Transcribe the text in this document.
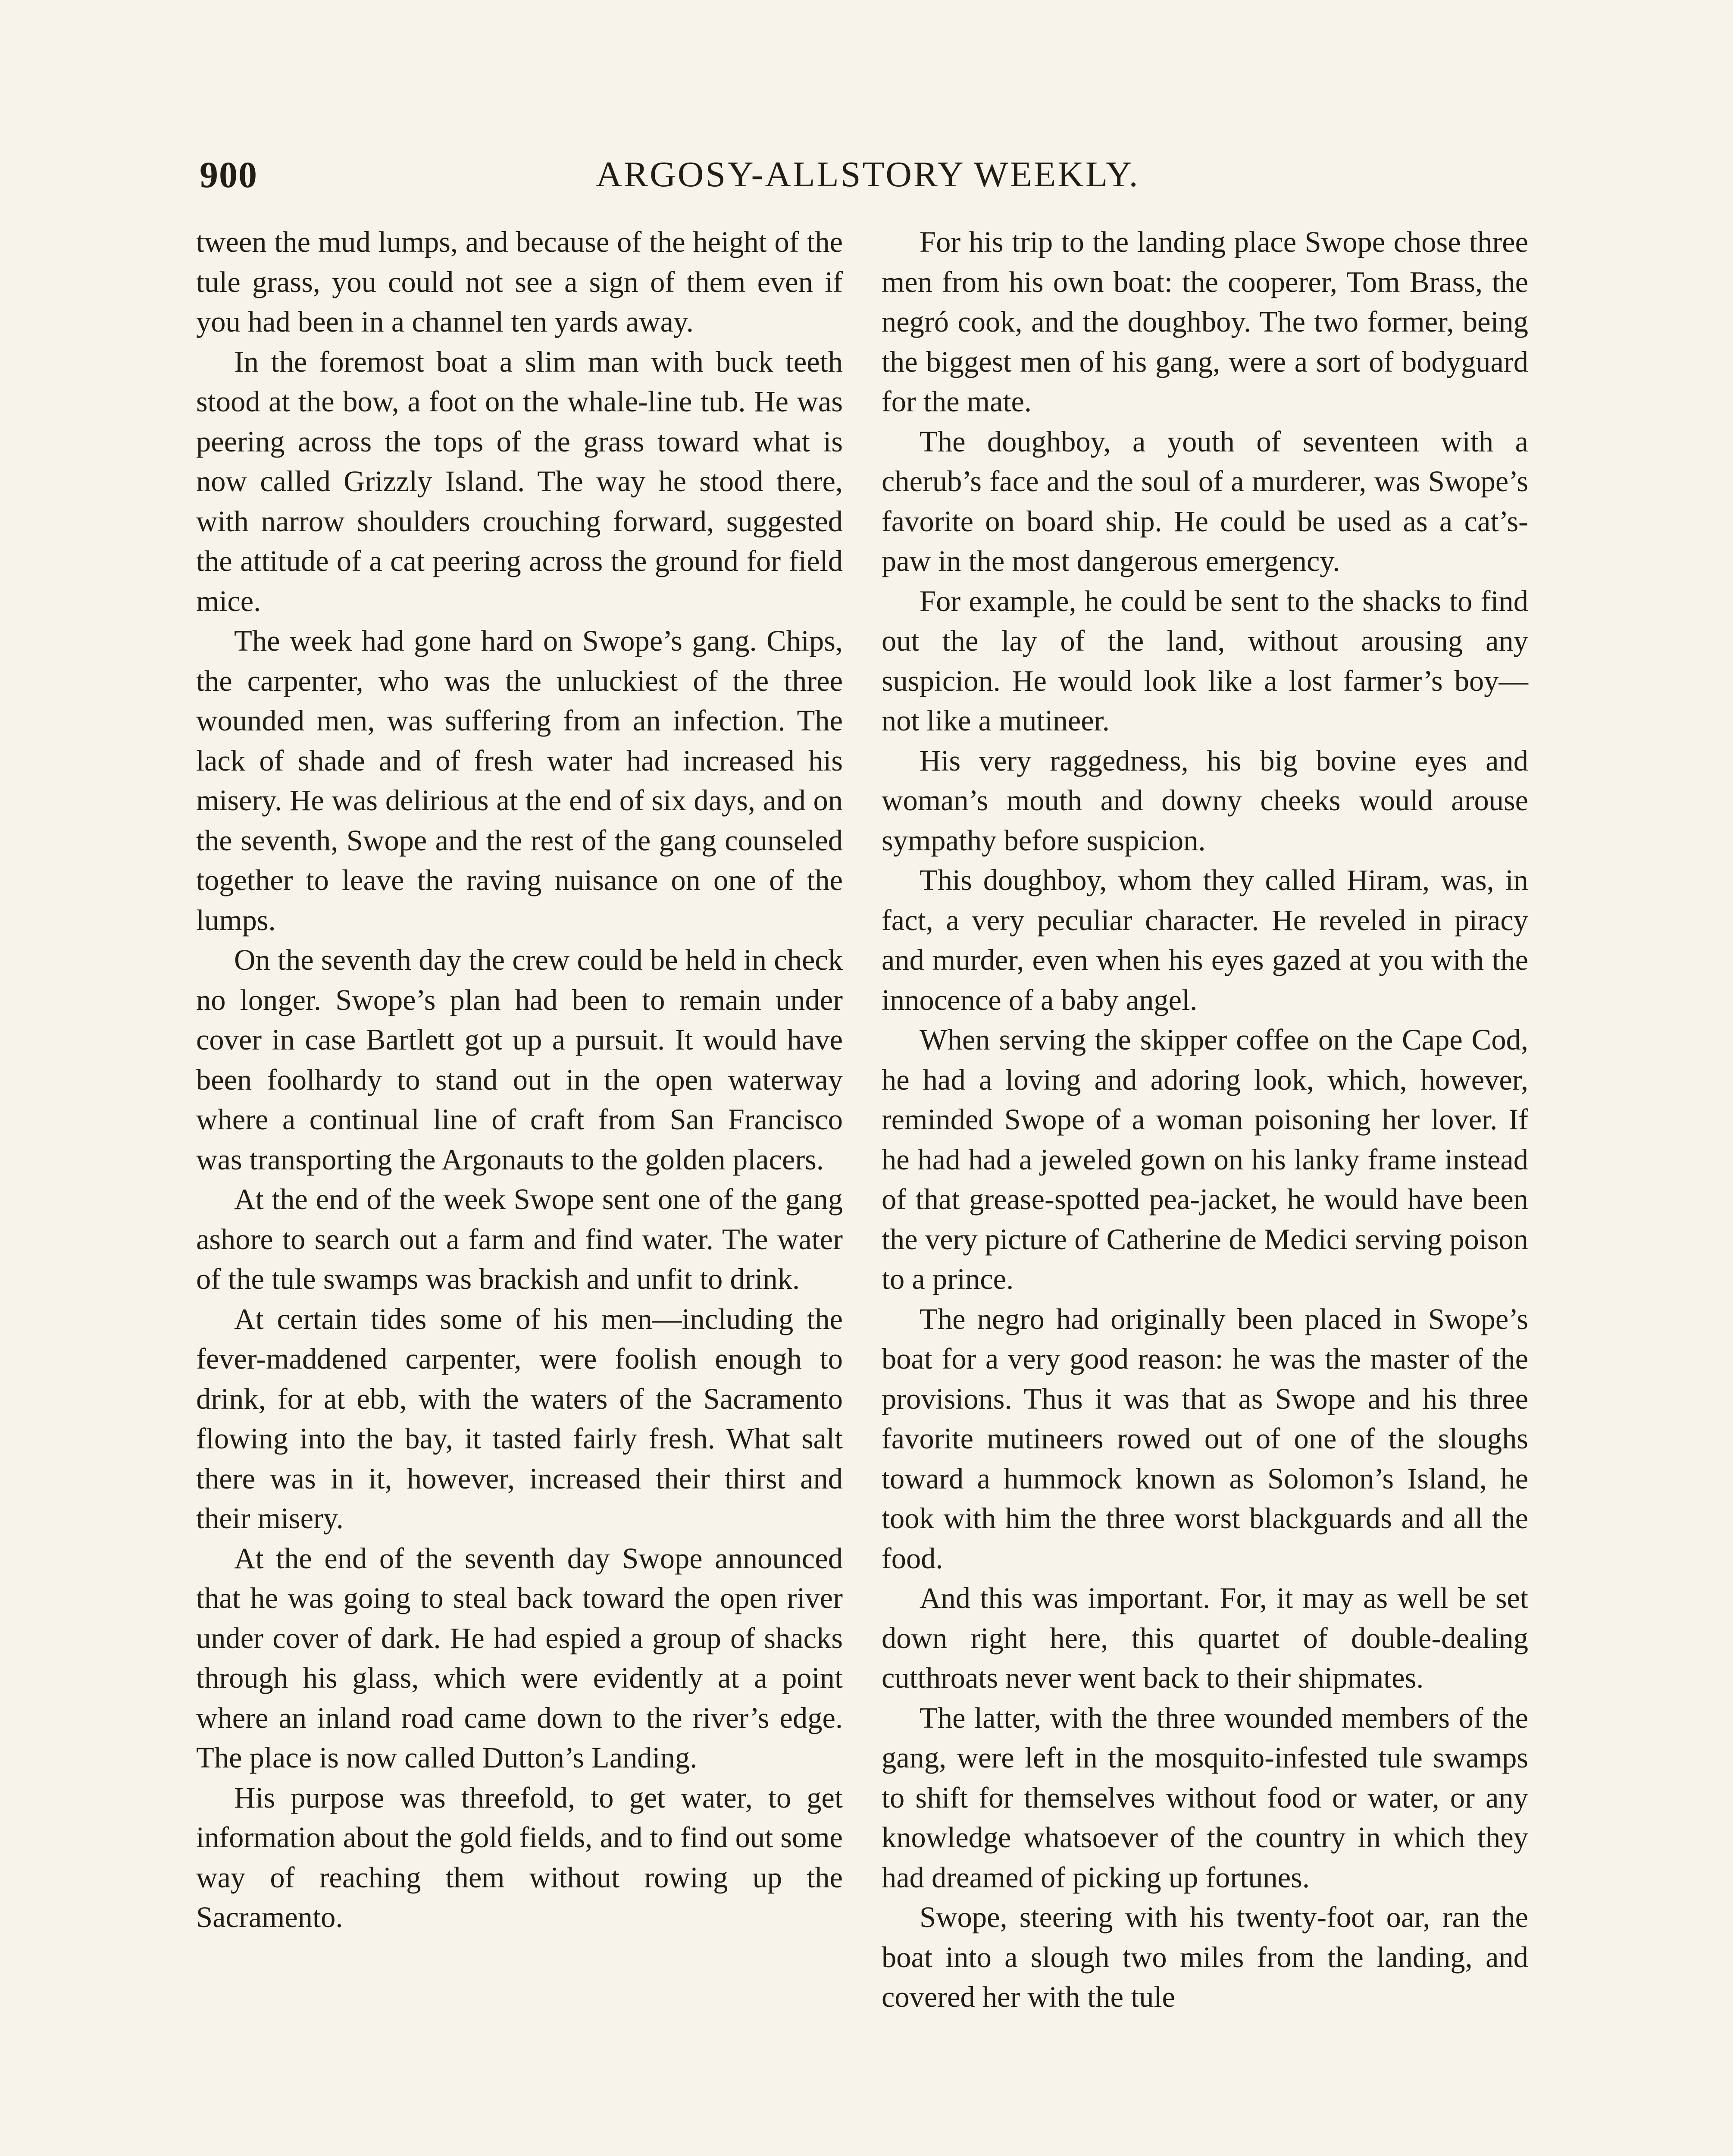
900	ARGOSY-ALLSTORY WEEKLY.

tween the mud lumps, and because of the height of the tule grass, you could not see a sign of them even if you had been in a channel ten yards away.

In the foremost boat a slim man with buck teeth stood at the bow, a foot on the whale-line tub. He was peering across the tops of the grass toward what is now called Grizzly Island. The way he stood there, with narrow shoulders crouching forward, suggested the attitude of a cat peering across the ground for field mice.

The week had gone hard on Swope’s gang. Chips, the carpenter, who was the unluckiest of the three wounded men, was suffering from an infection. The lack of shade and of fresh water had increased his misery. He was delirious at the end of six days, and on the seventh, Swope and the rest of the gang counseled together to leave the raving nuisance on one of the lumps.

On the seventh day the crew could be held in check no longer. Swope’s plan had been to remain under cover in case Bartlett got up a pursuit. It would have been foolhardy to stand out in the open waterway where a continual line of craft from San Francisco was transporting the Argonauts to the golden placers.

At the end of the week Swope sent one of the gang ashore to search out a farm and find water. The water of the tule swamps was brackish and unfit to drink.

At certain tides some of his men—including the fever-maddened carpenter, were foolish enough to drink, for at ebb, with the waters of the Sacramento flowing into the bay, it tasted fairly fresh. What salt there was in it, however, increased their thirst and their misery.

At the end of the seventh day Swope announced that he was going to steal back toward the open river under cover of dark. He had espied a group of shacks through his glass, which were evidently at a point where an inland road came down to the river’s edge. The place is now called Dutton’s Landing.

His purpose was threefold, to get water, to get information about the gold fields, and to find out some way of reaching them without rowing up the Sacramento.

For his trip to the landing place Swope chose three men from his own boat: the cooperer, Tom Brass, the negró cook, and the doughboy. The two former, being the biggest men of his gang, were a sort of bodyguard for the mate.

The doughboy, a youth of seventeen with a cherub’s face and the soul of a murderer, was Swope’s favorite on board ship. He could be used as a cat’s-paw in the most dangerous emergency.

For example, he could be sent to the shacks to find out the lay of the land, without arousing any suspicion. He would look like a lost farmer’s boy—not like a mutineer.

His very raggedness, his big bovine eyes and woman’s mouth and downy cheeks would arouse sympathy before suspicion.

This doughboy, whom they called Hiram, was, in fact, a very peculiar character. He reveled in piracy and murder, even when his eyes gazed at you with the innocence of a baby angel.

When serving the skipper coffee on the Cape Cod, he had a loving and adoring look, which, however, reminded Swope of a woman poisoning her lover. If he had had a jeweled gown on his lanky frame instead of that grease-spotted pea-jacket, he would have been the very picture of Catherine de Medici serving poison to a prince.

The negro had originally been placed in Swope’s boat for a very good reason: he was the master of the provisions. Thus it was that as Swope and his three favorite mutineers rowed out of one of the sloughs toward a hummock known as Solomon’s Island, he took with him the three worst blackguards and all the food.

And this was important. For, it may as well be set down right here, this quartet of double-dealing cutthroats never went back to their shipmates.

The latter, with the three wounded members of the gang, were left in the mosquito-infested tule swamps to shift for themselves without food or water, or any knowledge whatsoever of the country in which they had dreamed of picking up fortunes.

Swope, steering with his twenty-foot oar, ran the boat into a slough two miles from the landing, and covered her with the tule
